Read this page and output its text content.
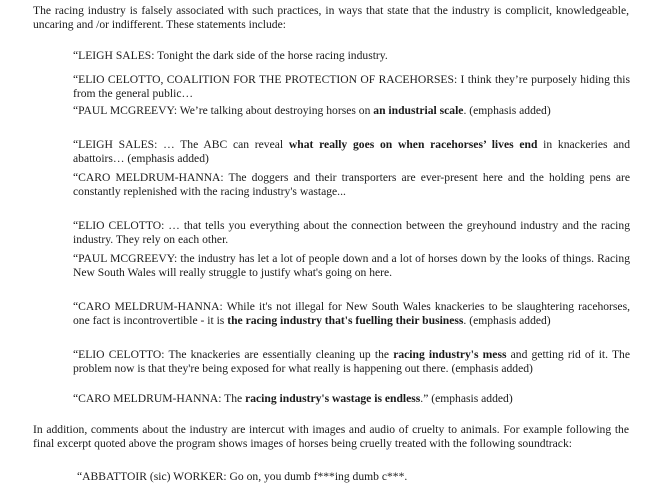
The racing industry is falsely associated with such practices, in ways that state that the industry is complicit, knowledgeable, uncaring and /or indifferent. These statements include:

“LEIGH SALES: Tonight the dark side of the horse racing industry.

“ELIO CELOTTO, COALITION FOR THE PROTECTION OF RACEHORSES: I think they’re purposely hiding this from the general public…

“PAUL MCGREEVY: We’re talking about destroying horses on an industrial scale. (emphasis added)

“LEIGH SALES: … The ABC can reveal what really goes on when racehorses’ lives end in knackeries and abattoirs… (emphasis added)

“CARO MELDRUM-HANNA: The doggers and their transporters are ever-present here and the holding pens are constantly replenished with the racing industry's wastage...

“ELIO CELOTTO: … that tells you everything about the connection between the greyhound industry and the racing industry. They rely on each other.

“PAUL MCGREEVY: the industry has let a lot of people down and a lot of horses down by the looks of things. Racing New South Wales will really struggle to justify what's going on here.

“CARO MELDRUM-HANNA: While it's not illegal for New South Wales knackeries to be slaughtering racehorses, one fact is incontrovertible - it is the racing industry that's fuelling their business. (emphasis added)

“ELIO CELOTTO: The knackeries are essentially cleaning up the racing industry's mess and getting rid of it. The problem now is that they're being exposed for what really is happening out there. (emphasis added)

“CARO MELDRUM-HANNA: The racing industry's wastage is endless.” (emphasis added)

In addition, comments about the industry are intercut with images and audio of cruelty to animals. For example following the final excerpt quoted above the program shows images of horses being cruelly treated with the following soundtrack:

“ABBATTOIR (sic) WORKER: Go on, you dumb f***ing dumb c***.
